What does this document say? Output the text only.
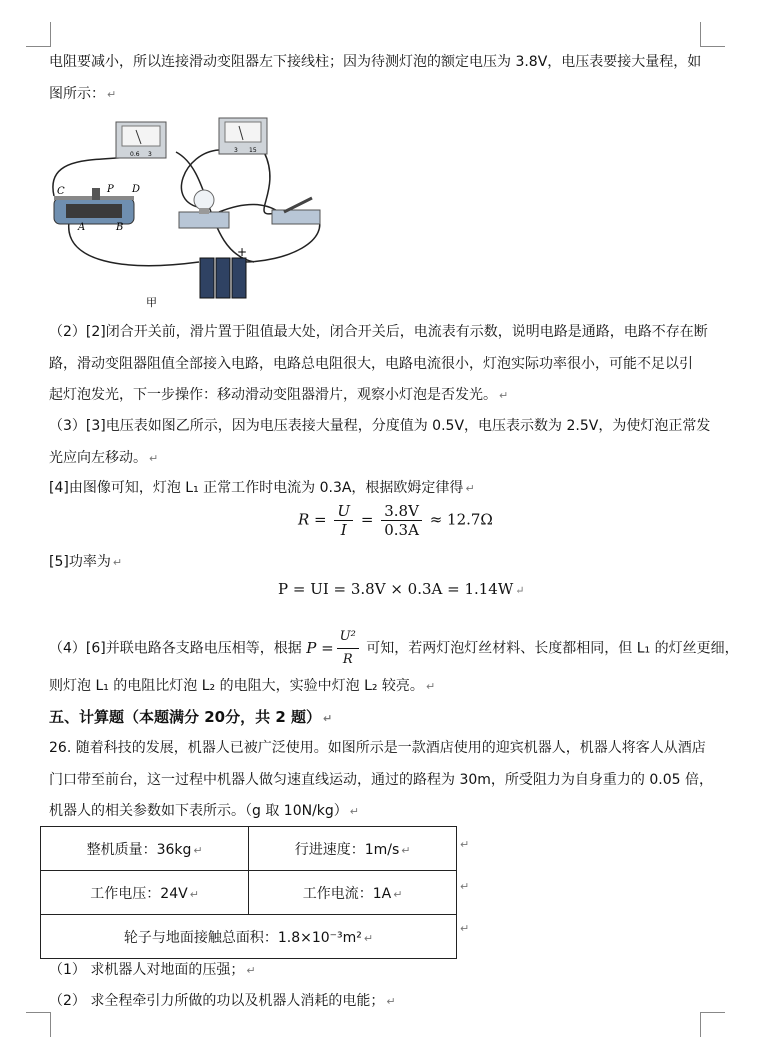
电阻要减小，所以连接滑动变阻器左下接线柱；因为待测灯泡的额定电压为 3.8V，电压表要接大量程，如
图所示： ↵
0.6 3
3 15
C	P D
A	B
+
甲
（2）[2]闭合开关前，滑片置于阻值最大处，闭合开关后，电流表有示数，说明电路是通路，电路不存在断
路，滑动变阻器阻值全部接入电路，电路总电阻很大，电路电流很小，灯泡实际功率很小，可能不足以引
起灯泡发光，下一步操作：移动滑动变阻器滑片，观察小灯泡是否发光。 ↵
（3）[3]电压表如图乙所示，因为电压表接大量程，分度值为 0.5V，电压表示数为 2.5V，为使灯泡正常发
光应向左移动。 ↵
[4]由图像可知，灯泡 L₁ 正常工作时电流为 0.3A，根据欧姆定律得 ↵
$R = \frac{U}{I} = \frac{3.8V}{0.3A} \approx 12.7\Omega$
[5]功率为 ↵
P = UI = 3.8V × 0.3A = 1.14W ↵
（4）[6]并联电路各支路电压相等，根据 $P = \frac{\text{U²}}{R}$ 可知，若两灯泡灯丝材料、长度都相同，但 L₁ 的灯丝更细，
则灯泡 L₁ 的电阻比灯泡 L₂ 的电阻大，实验中灯泡 L₂ 较亮。 ↵
五、计算题（本题满分 20分，共 2 题） ↵
26. 随着科技的发展，机器人已被广泛使用。如图所示是一款酒店使用的迎宾机器人，机器人将客人从酒店
门口带至前台，这一过程中机器人做匀速直线运动，通过的路程为 30m，所受阻力为自身重力的 0.05 倍，
机器人的相关参数如下表所示。（g 取 10N/kg） ↵
整机质量：36kg ↵	行进速度：1m/s ↵
工作电压：24V ↵	工作电流：1A ↵
轮子与地面接触总面积：1.8×10⁻³m² ↵	
↵
↵
↵
（1） 求机器人对地面的压强； ↵
（2） 求全程牵引力所做的功以及机器人消耗的电能； ↵
